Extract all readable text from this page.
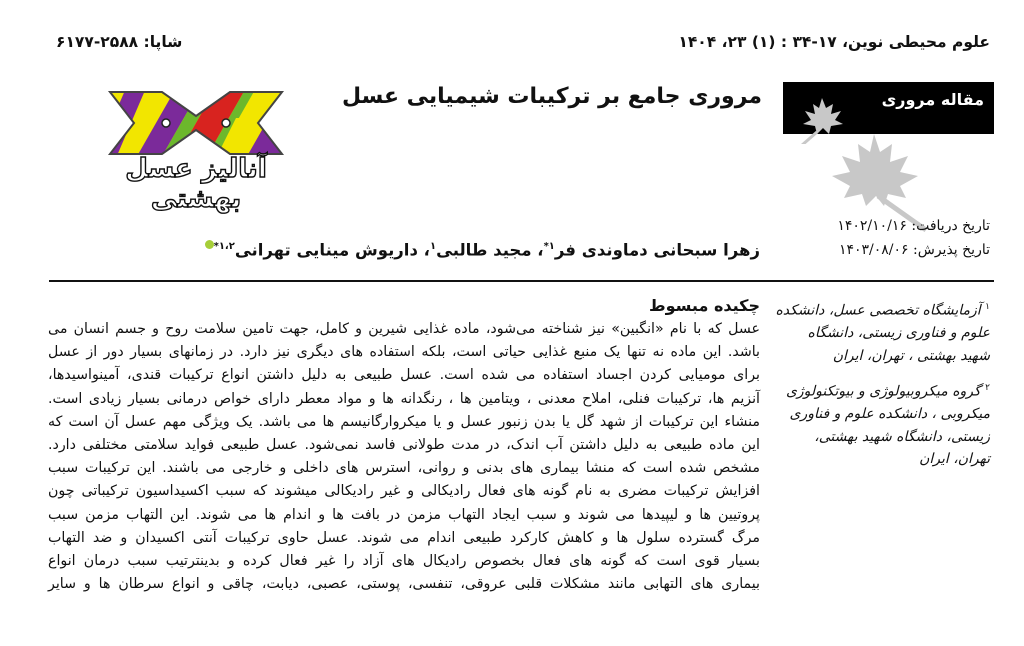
علوم محیطی نوین، ۱۷-۳۴ : (۱) ۲۳، ۱۴۰۴
شاپا: ۲۵۸۸-۶۱۷۷
مقاله مروری
مروری جامع بر ترکیبات شیمیایی عسل
آنالیز عسل بهشتی
تاریخ دریافت: ۱۴۰۲/۱۰/۱۶
تاریخ پذیرش: ۱۴۰۳/۰۸/۰۶
زهرا سبحانی دماوندی فر$^{۱*}$، مجید طالبی$^۱$، داریوش مینایی تهرانی$^{۱،۲*}$
$^۱$ آزمایشگاه تخصصی عسل، دانشکده علوم و فناوری زیستی، دانشگاه شهید بهشتی ، تهران، ایران
$^۲$ گروه میکروبیولوژی و بیوتکنولوژی میکروبی ، دانشکده علوم و فناوری زیستی، دانشگاه شهید بهشتی، تهران، ایران
چکیده مبسوط
عسل که با نام «انگبین» نیز شناخته می‌شود، ماده غذایی شیرین و کامل، جهت تامین سلامت روح و جسم انسان می
باشد. این ماده نه تنها یک منبع غذایی حیاتی است، بلکه استفاده های دیگری نیز دارد. در زمانهای بسیار دور از عسل
برای مومیایی کردن اجساد استفاده می شده است. عسل طبیعی به دلیل داشتن انواع ترکیبات قندی، آمینواسیدها،
آنزیم ها، ترکیبات فنلی، املاح معدنی ، ویتامین ها ، رنگدانه ها و مواد معطر دارای خواص درمانی بسیار زیادی است.
منشاء این ترکیبات از شهد گل یا بدن زنبور عسل و یا میکروارگانیسم ها می باشد. یک ویژگی مهم عسل آن است که
این ماده طبیعی به دلیل داشتن آب اندک، در مدت طولانی فاسد نمی‌شود. عسل طبیعی فواید سلامتی مختلفی دارد.
مشخص شده است که منشا بیماری های بدنی و روانی، استرس های داخلی و خارجی می باشند. این ترکیبات سبب
افزایش ترکیبات مضری به نام گونه های فعال رادیکالی و غیر رادیکالی میشوند که سبب اکسیداسیون ترکیباتی چون
پروتیین ها و لیپیدها می شوند و سبب ایجاد التهاب مزمن در بافت ها و اندام ها می شوند. این التهاب مزمن سبب
مرگ گسترده سلول ها و کاهش کارکرد طبیعی اندام می شوند. عسل حاوی ترکیبات آنتی اکسیدان و ضد التهاب
بسیار قوی است که گونه های فعال بخصوص رادیکال های آزاد را غیر فعال کرده و بدینترتیب سبب درمان انواع
بیماری های التهابی مانند مشکلات قلبی عروقی، تنفسی، پوستی، عصبی، دیابت، چاقی و انواع سرطان ها و سایر
